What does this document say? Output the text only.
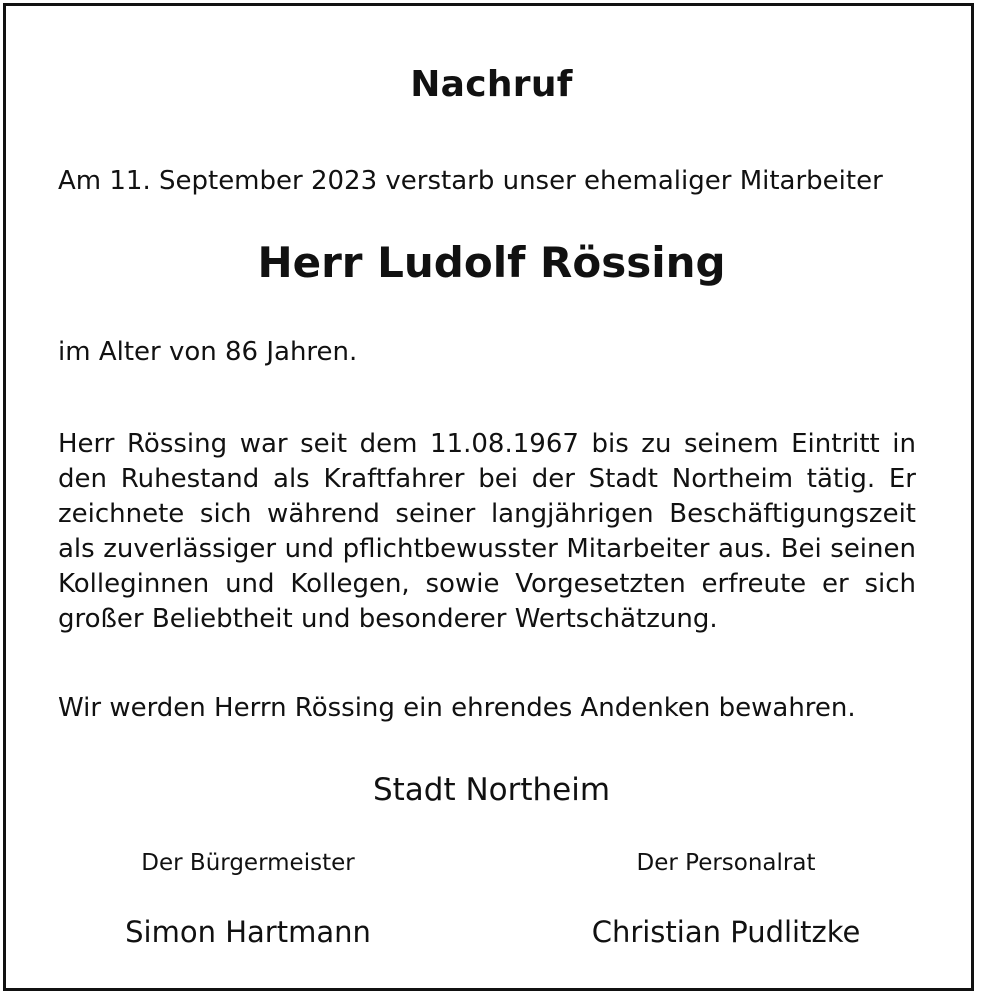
Nachruf
Am 11. September 2023 verstarb unser ehemaliger Mitarbeiter
Herr Ludolf Rössing
im Alter von 86 Jahren.
Herr Rössing war seit dem 11.08.1967 bis zu seinem Eintritt in den Ruhestand als Kraftfahrer bei der Stadt Northeim tätig. Er zeichnete sich während seiner langjährigen Beschäftigungszeit als zuverlässiger und pflichtbewusster Mitarbeiter aus. Bei seinen Kolleginnen und Kollegen, sowie Vorgesetzten erfreute er sich großer Beliebtheit und besonderer Wertschätzung.
Wir werden Herrn Rössing ein ehrendes Andenken bewahren.
Stadt Northeim
Der Bürgermeister
Simon Hartmann
Der Personalrat
Christian Pudlitzke
